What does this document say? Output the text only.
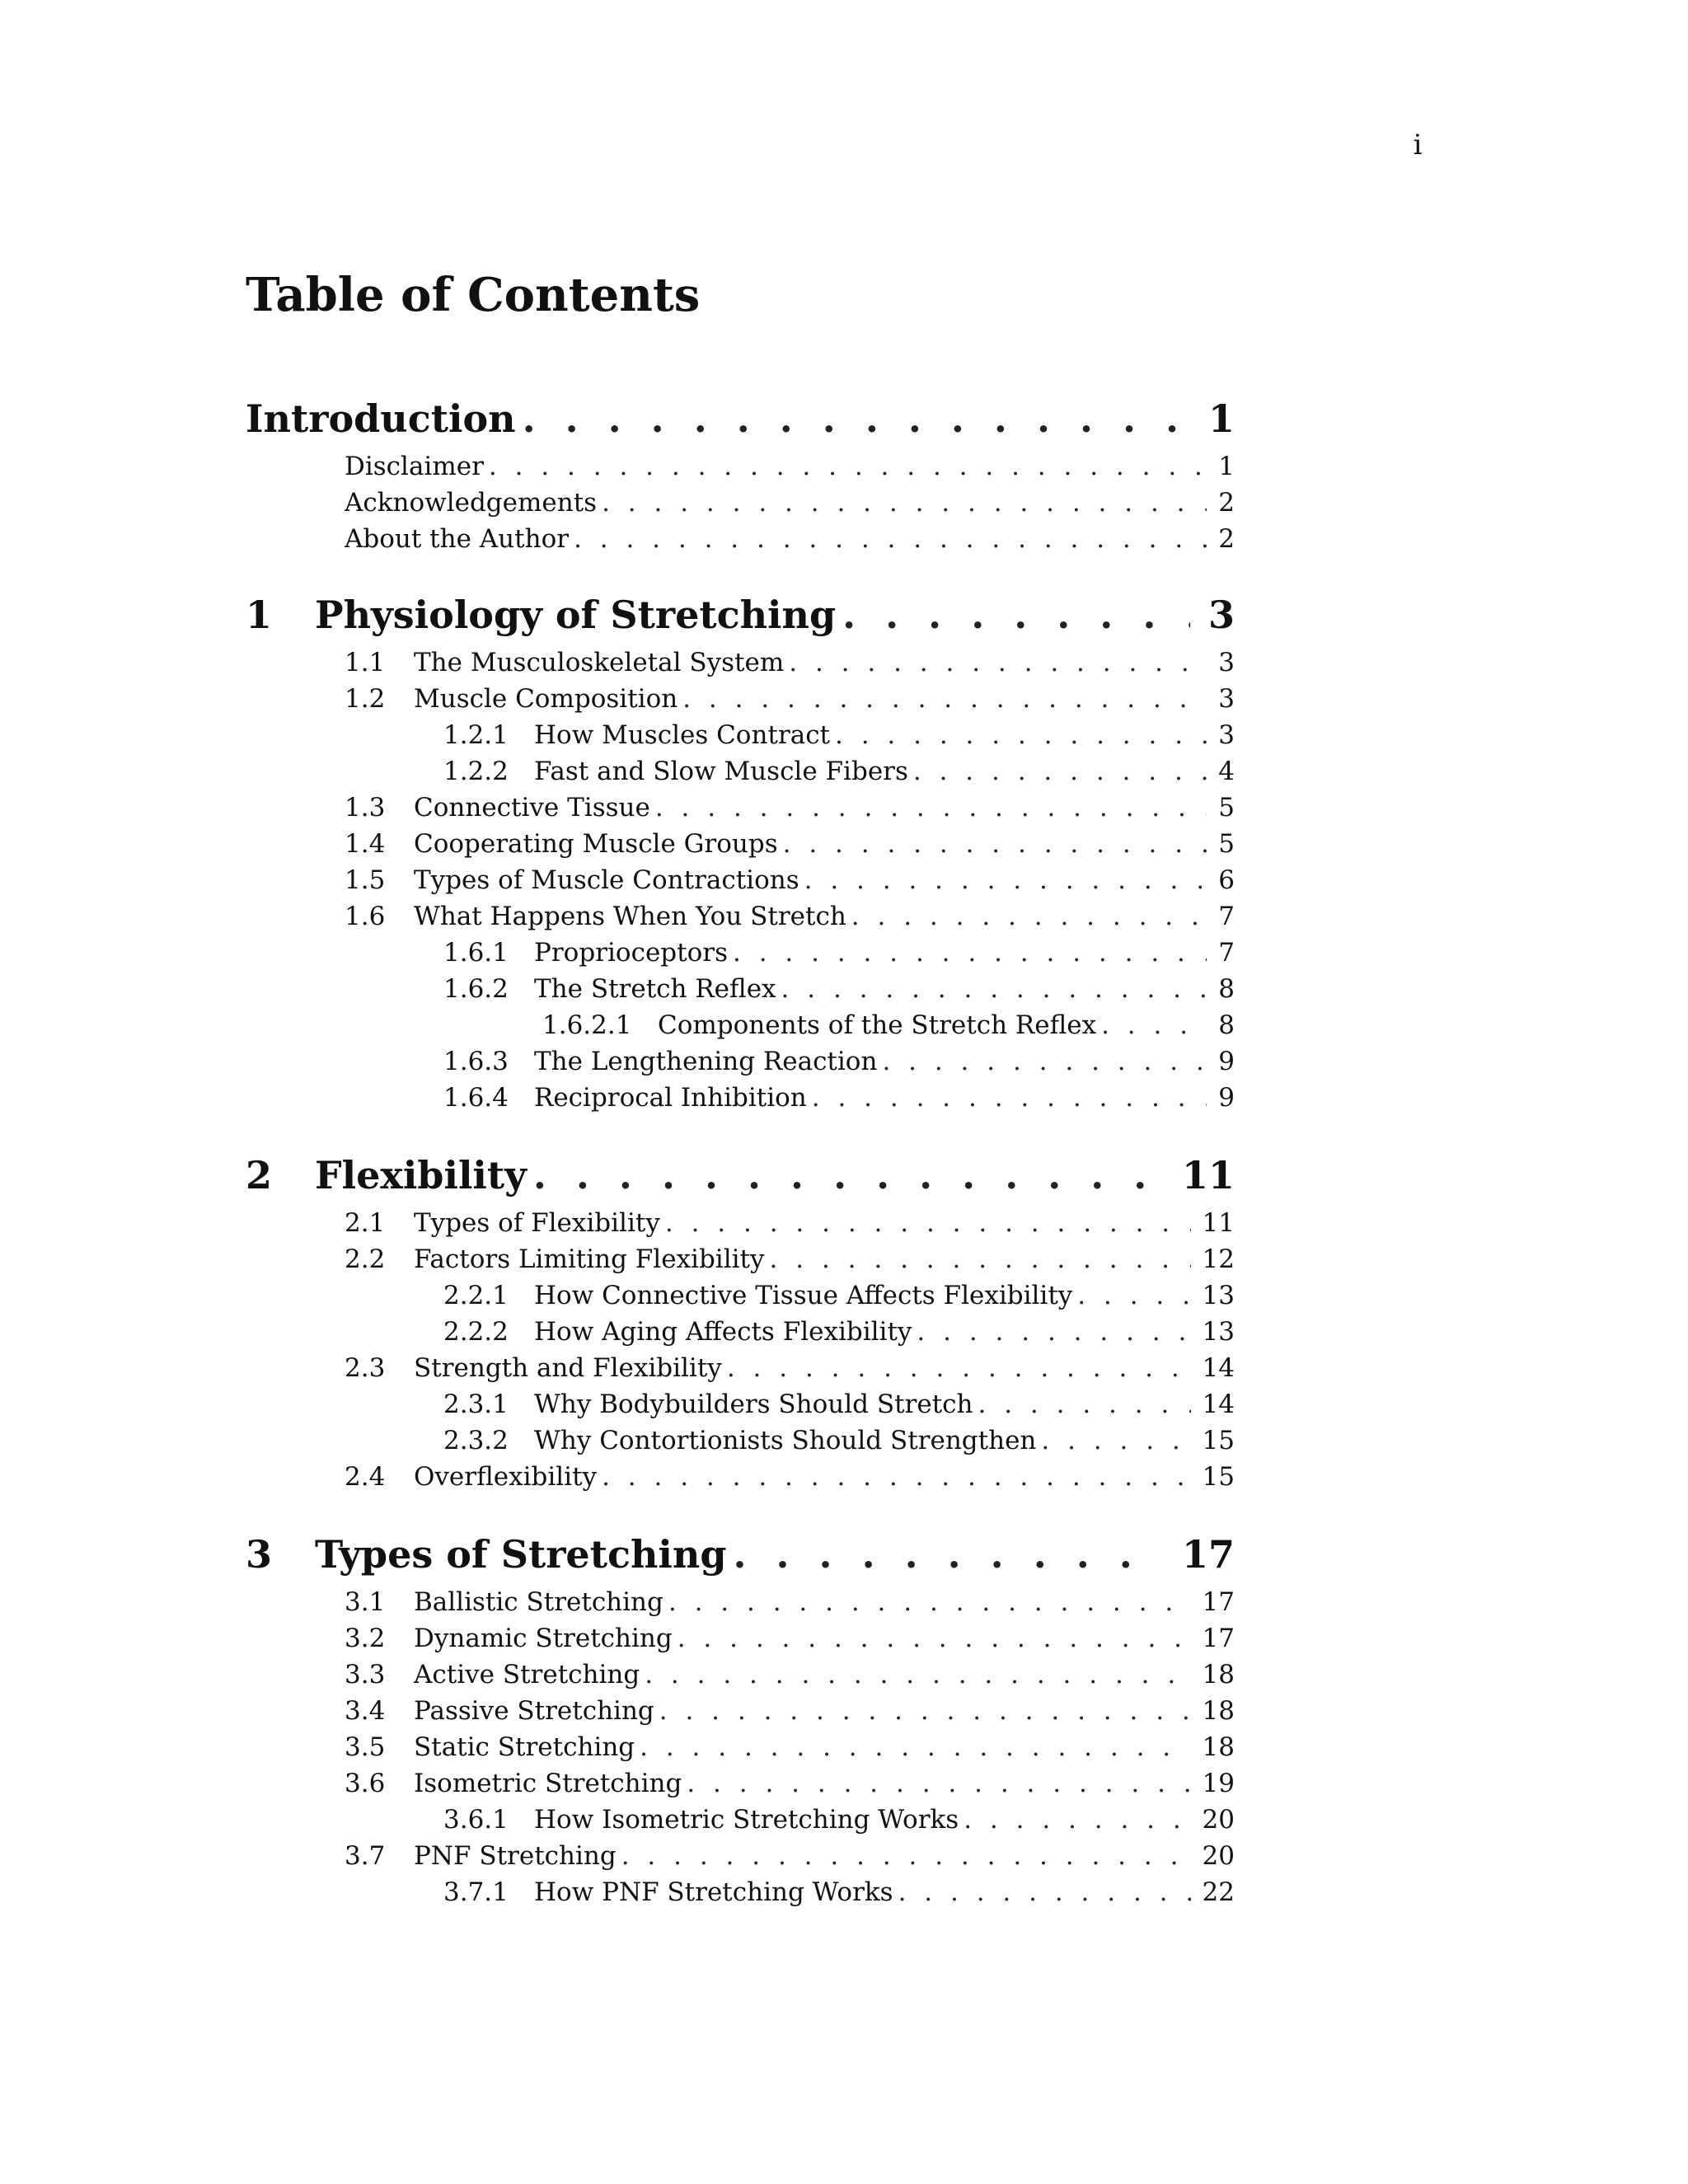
i
Table of Contents
Introduction . . .	1
Disclaimer . . .	1
Acknowledgements . . .	2
About the Author . . .	2
1	Physiology of Stretching . . .	3
1.1	The Musculoskeletal System . . .	3
1.2	Muscle Composition . . .	3
1.2.1	How Muscles Contract . . .	3
1.2.2	Fast and Slow Muscle Fibers . . .	4
1.3	Connective Tissue . . .	5
1.4	Cooperating Muscle Groups . . .	5
1.5	Types of Muscle Contractions . . .	6
1.6	What Happens When You Stretch . . .	7
1.6.1	Proprioceptors . . .	7
1.6.2	The Stretch Reflex . . .	8
1.6.2.1	Components of the Stretch Reflex . . .	8
1.6.3	The Lengthening Reaction . . .	9
1.6.4	Reciprocal Inhibition . . .	9
2	Flexibility . . .	11
2.1	Types of Flexibility . . .	11
2.2	Factors Limiting Flexibility . . .	12
2.2.1	How Connective Tissue Affects Flexibility . . .	13
2.2.2	How Aging Affects Flexibility . . .	13
2.3	Strength and Flexibility . . .	14
2.3.1	Why Bodybuilders Should Stretch . . .	14
2.3.2	Why Contortionists Should Strengthen . . .	15
2.4	Overflexibility . . .	15
3	Types of Stretching . . .	17
3.1	Ballistic Stretching . . .	17
3.2	Dynamic Stretching . . .	17
3.3	Active Stretching . . .	18
3.4	Passive Stretching . . .	18
3.5	Static Stretching . . .	18
3.6	Isometric Stretching . . .	19
3.6.1	How Isometric Stretching Works . . .	20
3.7	PNF Stretching . . .	20
3.7.1	How PNF Stretching Works . . .	22
